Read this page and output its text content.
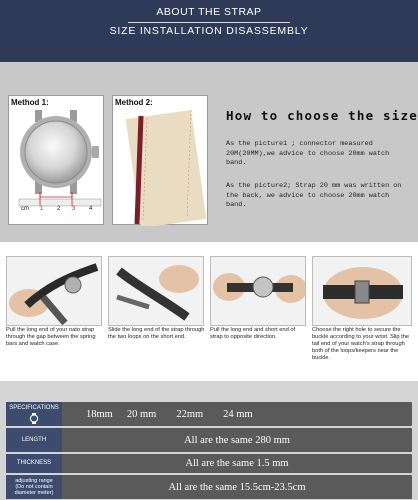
ABOUT THE STRAP
SIZE INSTALLATION DISASSEMBLY
Method 1:
cm 1 2 3 4
Method 2:
How to choose the size
As the picture1 ; connector measured 20M(20MM),we advice to choose 20mm watch band.
As the picture2; Strap 20 mm was written on the back, we advice to choose 20mm watch band.
Pull the long end of your nato strap through the gap between the spring bars and watch case.
Slide the long end of the strap through the two loops on the short end.
Pull the long end and short end of strap to opposite direction.
Choose the right hole to secure the buckle according to your wrist. Slip the tail end of your watch's strap through both of the loops/keepers near the buckle.
SPECIFICATIONS
18mm 20 mm 22mm 24 mm
LENGTH	All are the same 280 mm
THICKNESS	All are the same 1.5 mm
adjusting range
(Do not contain
diameter meter)
All are the same 15.5cm-23.5cm
